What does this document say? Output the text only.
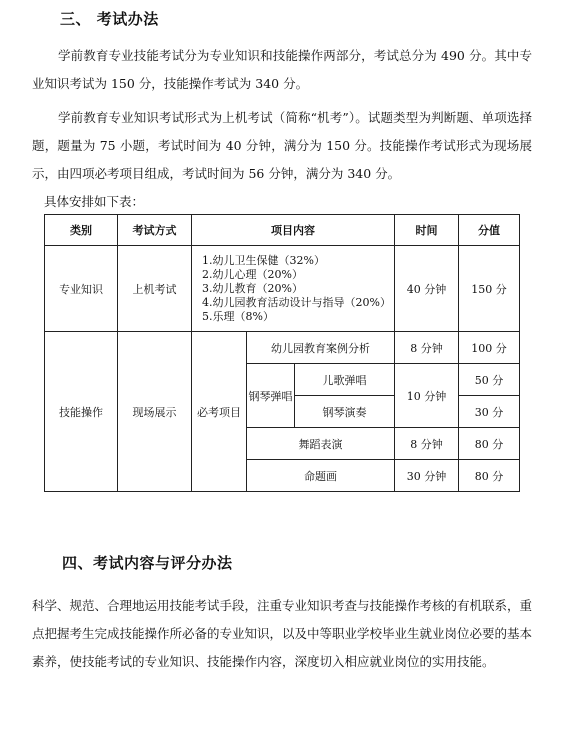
三、 考试办法
学前教育专业技能考试分为专业知识和技能操作两部分，考试总分为 490 分。其中专业知识考试为 150 分，技能操作考试为 340 分。
学前教育专业知识考试形式为上机考试（简称“机考”）。试题类型为判断题、单项选择题，题量为 75 小题，考试时间为 40 分钟，满分为 150 分。技能操作考试形式为现场展示，由四项必考项目组成，考试时间为 56 分钟，满分为 340 分。
具体安排如下表：
类别	考试方式	项目内容			时间	分值
专业知识	上机考试	1.幼儿卫生保健（32%）
2.幼儿心理（20%）
3.幼儿教育（20%）
4.幼儿园教育活动设计与指导（20%）
5.乐理（8%）			40 分钟	150 分
技能操作	现场展示	必考项目	幼儿园教育案例分析		8 分钟	100 分
			钢琴弹唱	儿歌弹唱	10 分钟	50 分
				钢琴演奏		30 分
			舞蹈表演		8 分钟	80 分
			命题画		30 分钟	80 分
四、考试内容与评分办法
科学、规范、合理地运用技能考试手段，注重专业知识考查与技能操作考核的有机联系，重点把握考生完成技能操作所必备的专业知识，以及中等职业学校毕业生就业岗位必要的基本素养，使技能考试的专业知识、技能操作内容，深度切入相应就业岗位的实用技能。
